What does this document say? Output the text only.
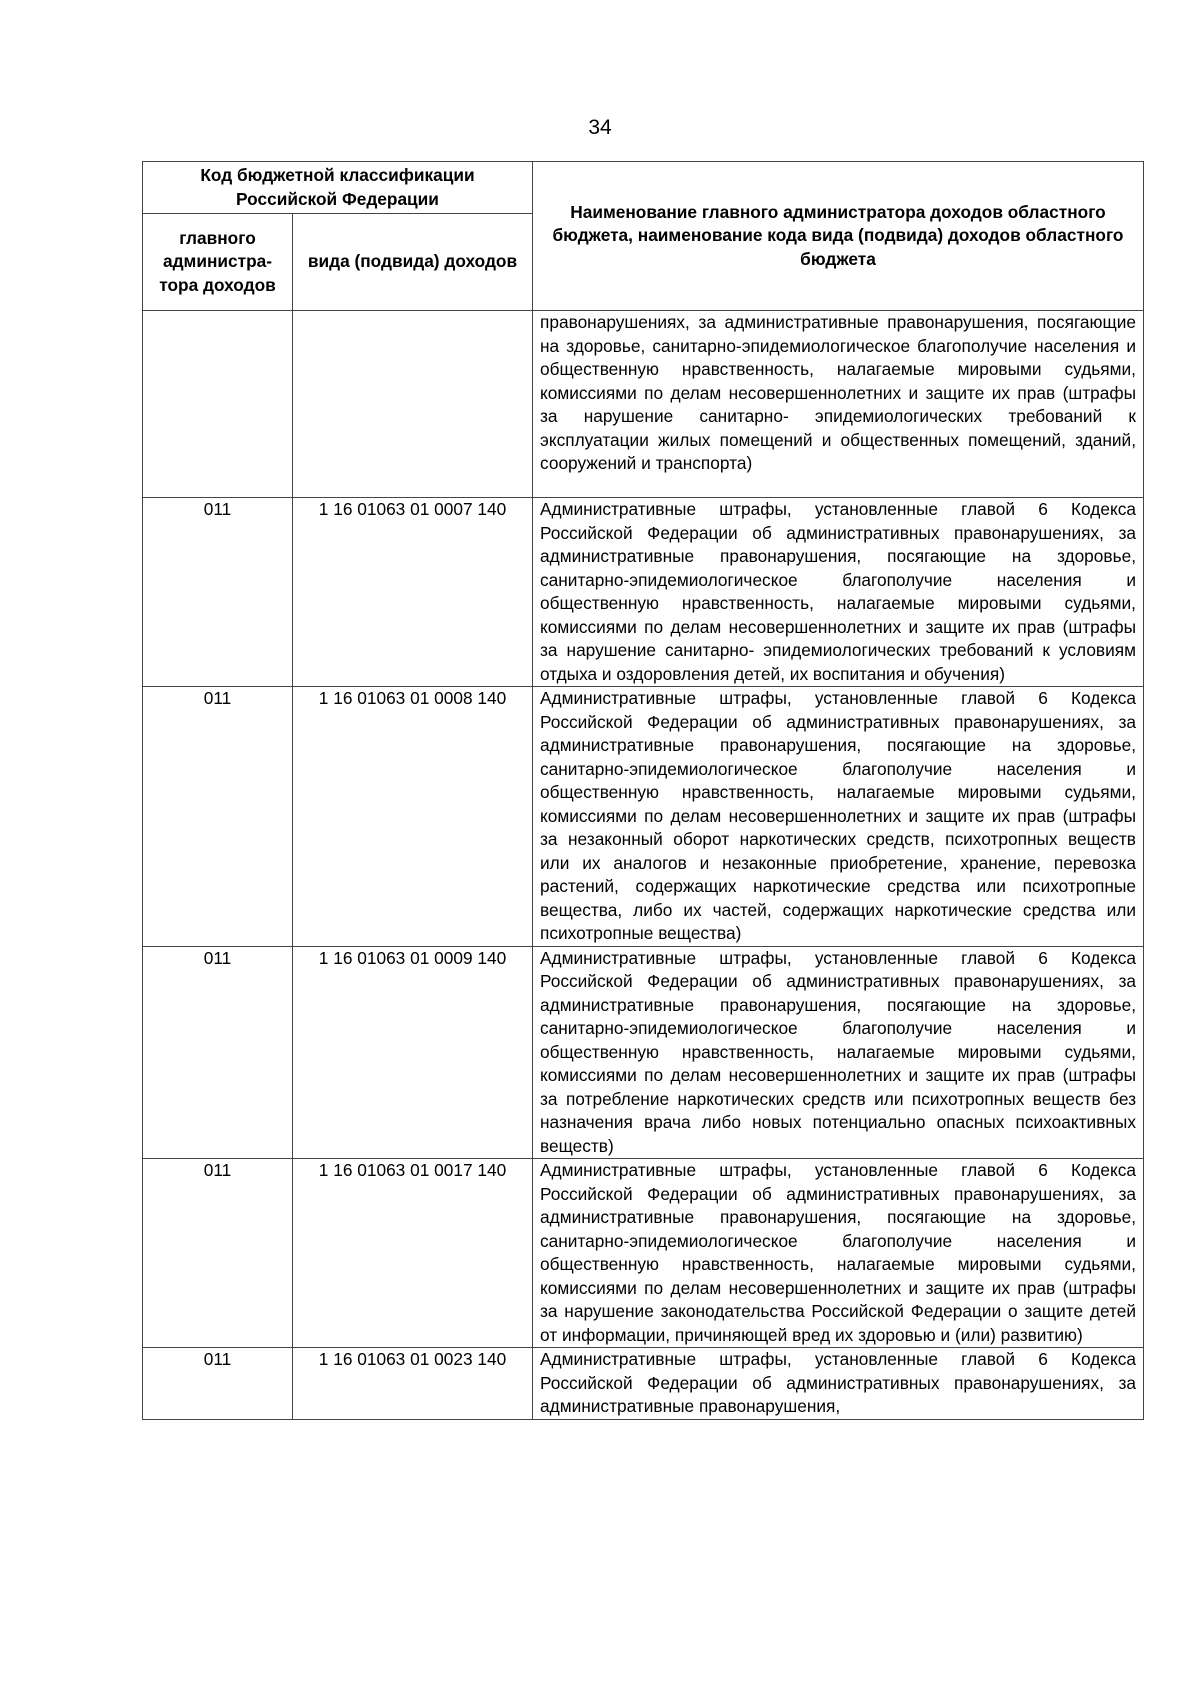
34
Код бюджетной классификации Российской Федерации		Наименование главного администратора доходов областного бюджета, наименование кода вида (подвида) доходов областного бюджета
главного администра-тора доходов	вида (подвида) доходов	
		правонарушениях, за административные правонарушения, посягающие на здоровье, санитарно-эпидемиологическое благополучие населения и общественную нравственность, налагаемые мировыми судьями, комиссиями по делам несовершеннолетних и защите их прав (штрафы за нарушение санитарно- эпидемиологических требований к эксплуатации жилых помещений и общественных помещений, зданий, сооружений и транспорта)
011	1 16 01063 01 0007 140	Административные штрафы, установленные главой 6 Кодекса Российской Федерации об административных правонарушениях, за административные правонарушения, посягающие на здоровье, санитарно-эпидемиологическое благополучие населения и общественную нравственность, налагаемые мировыми судьями, комиссиями по делам несовершеннолетних и защите их прав (штрафы за нарушение санитарно- эпидемиологических требований к условиям отдыха и оздоровления детей, их воспитания и обучения)
011	1 16 01063 01 0008 140	Административные штрафы, установленные главой 6 Кодекса Российской Федерации об административных правонарушениях, за административные правонарушения, посягающие на здоровье, санитарно-эпидемиологическое благополучие населения и общественную нравственность, налагаемые мировыми судьями, комиссиями по делам несовершеннолетних и защите их прав (штрафы за незаконный оборот наркотических средств, психотропных веществ или их аналогов и незаконные приобретение, хранение, перевозка растений, содержащих наркотические средства или психотропные вещества, либо их частей, содержащих наркотические средства или психотропные вещества)
011	1 16 01063 01 0009 140	Административные штрафы, установленные главой 6 Кодекса Российской Федерации об административных правонарушениях, за административные правонарушения, посягающие на здоровье, санитарно-эпидемиологическое благополучие населения и общественную нравственность, налагаемые мировыми судьями, комиссиями по делам несовершеннолетних и защите их прав (штрафы за потребление наркотических средств или психотропных веществ без назначения врача либо новых потенциально опасных психоактивных веществ)
011	1 16 01063 01 0017 140	Административные штрафы, установленные главой 6 Кодекса Российской Федерации об административных правонарушениях, за административные правонарушения, посягающие на здоровье, санитарно-эпидемиологическое благополучие населения и общественную нравственность, налагаемые мировыми судьями, комиссиями по делам несовершеннолетних и защите их прав (штрафы за нарушение законодательства Российской Федерации о защите детей от информации, причиняющей вред их здоровью и (или) развитию)
011	1 16 01063 01 0023 140	Административные штрафы, установленные главой 6 Кодекса Российской Федерации об административных правонарушениях, за административные правонарушения,
